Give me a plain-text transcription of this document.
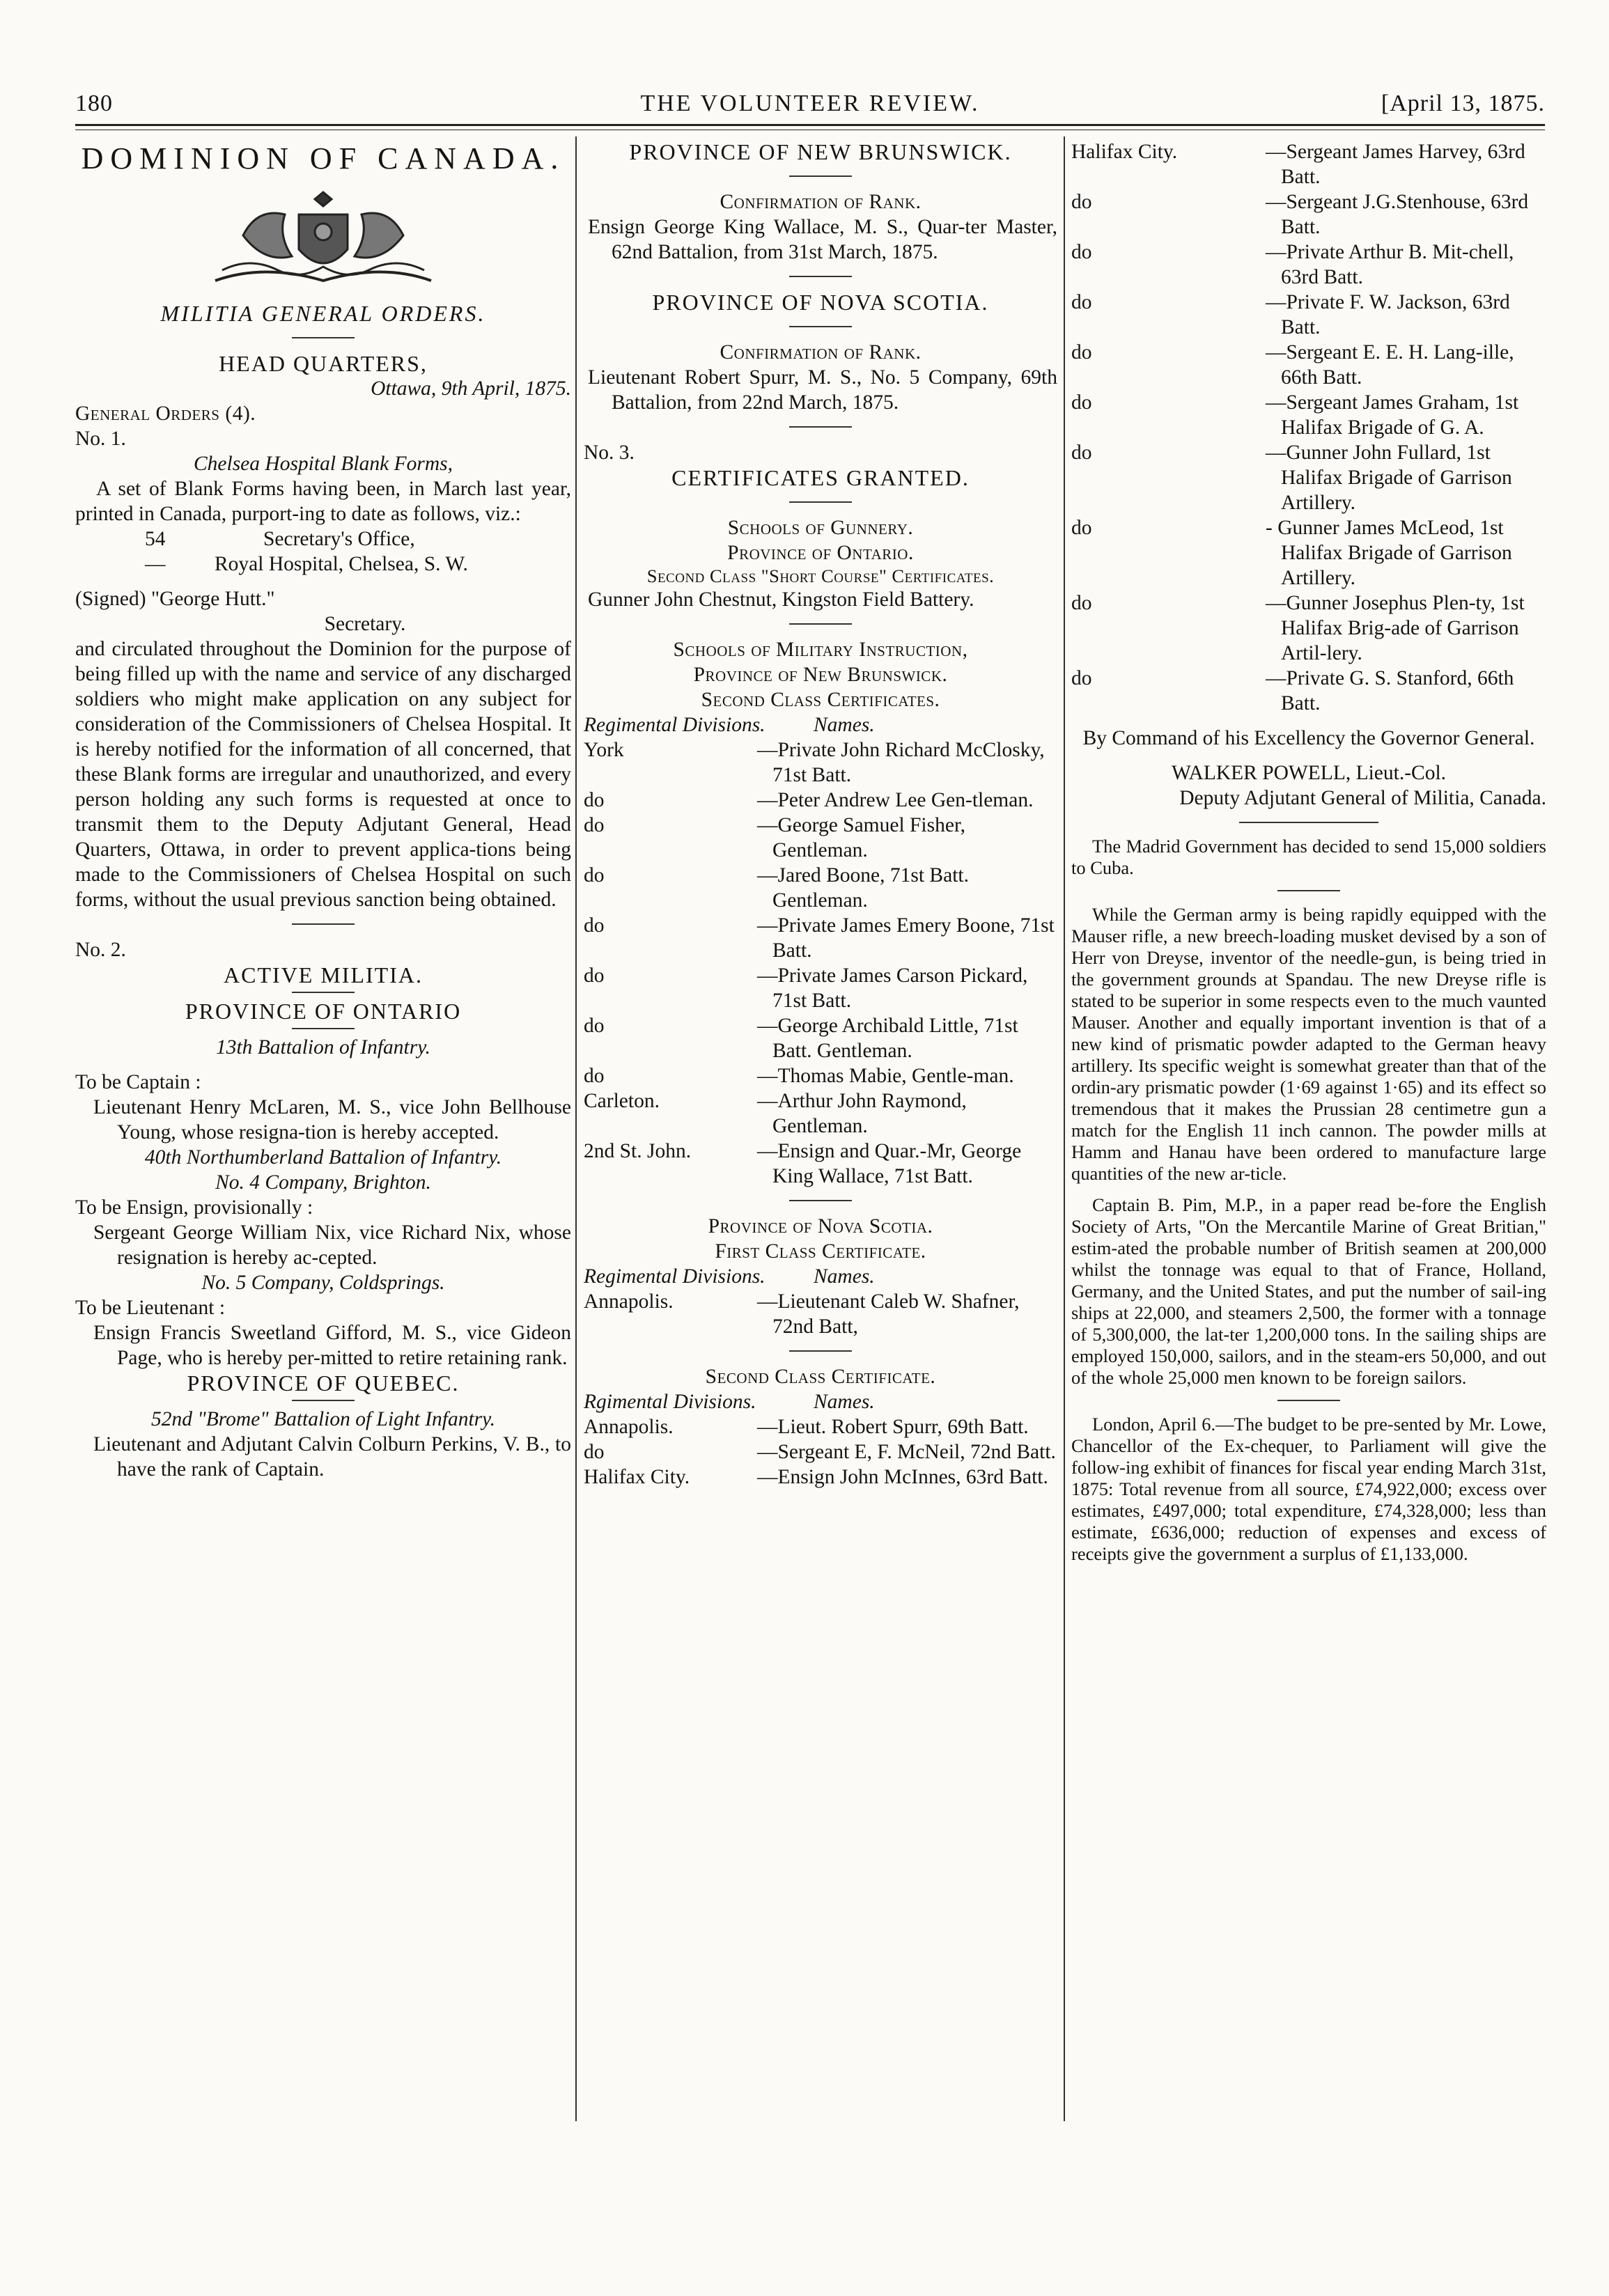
180	THE VOLUNTEER REVIEW.	[April 13, 1875.
DOMINION OF CANADA.
MILITIA GENERAL ORDERS.
HEAD QUARTERS,
Ottawa, 9th April, 1875.
General Orders (4).
No. 1.
Chelsea Hospital Blank Forms,
A set of Blank Forms having been, in March last year, printed in Canada, purport-ing to date as follows, viz.:
54	Secretary's Office,
—	Royal Hospital, Chelsea, S. W.
(Signed) "George Hutt."
Secretary.
and circulated throughout the Dominion for the purpose of being filled up with the name and service of any discharged soldiers who might make application on any subject for consideration of the Commissioners of Chelsea Hospital. It is hereby notified for the information of all concerned, that these Blank forms are irregular and unauthorized, and every person holding any such forms is requested at once to transmit them to the Deputy Adjutant General, Head Quarters, Ottawa, in order to prevent applica-tions being made to the Commissioners of Chelsea Hospital on such forms, without the usual previous sanction being obtained.
No. 2.
ACTIVE MILITIA.
PROVINCE OF ONTARIO
13th Battalion of Infantry.
To be Captain :
Lieutenant Henry McLaren, M. S., vice John Bellhouse Young, whose resigna-tion is hereby accepted.
40th Northumberland Battalion of Infantry.
No. 4 Company, Brighton.
To be Ensign, provisionally :
Sergeant George William Nix, vice Richard Nix, whose resignation is hereby ac-cepted.
No. 5 Company, Coldsprings.
To be Lieutenant :
Ensign Francis Sweetland Gifford, M. S., vice Gideon Page, who is hereby per-mitted to retire retaining rank.
PROVINCE OF QUEBEC.
52nd "Brome" Battalion of Light Infantry.
Lieutenant and Adjutant Calvin Colburn Perkins, V. B., to have the rank of Captain.
PROVINCE OF NEW BRUNSWICK.
Confirmation of Rank.
Ensign George King Wallace, M. S., Quar-ter Master, 62nd Battalion, from 31st March, 1875.
PROVINCE OF NOVA SCOTIA.
Confirmation of Rank.
Lieutenant Robert Spurr, M. S., No. 5 Company, 69th Battalion, from 22nd March, 1875.
No. 3.
CERTIFICATES GRANTED.
Schools of Gunnery.
Province of Ontario.
Second Class "Short Course" Certificates.
Gunner John Chestnut, Kingston Field Battery.
Schools of Military Instruction,
Province of New Brunswick.
Second Class Certificates.
Regimental Divisions.	Names.
York	—Private John Richard McClosky, 71st Batt.
do	—Peter Andrew Lee Gen-tleman.
do	—George Samuel Fisher, Gentleman.
do	—Jared Boone, 71st Batt. Gentleman.
do	—Private James Emery Boone, 71st Batt.
do	—Private James Carson Pickard, 71st Batt.
do	—George Archibald Little, 71st Batt. Gentleman.
do	—Thomas Mabie, Gentle-man.
Carleton.	—Arthur John Raymond, Gentleman.
2nd St. John.	—Ensign and Quar.-Mr, George King Wallace, 71st Batt.
Province of Nova Scotia.
First Class Certificate.
Regimental Divisions.	Names.
Annapolis.	—Lieutenant Caleb W. Shafner, 72nd Batt,
Second Class Certificate.
Rgimental Divisions.	Names.
Annapolis.	—Lieut. Robert Spurr, 69th Batt.
do	—Sergeant E, F. McNeil, 72nd Batt.
Halifax City.	—Ensign John McInnes, 63rd Batt.
Halifax City.	—Sergeant James Harvey, 63rd Batt.
do	—Sergeant J.G.Stenhouse, 63rd Batt.
do	—Private Arthur B. Mit-chell, 63rd Batt.
do	—Private F. W. Jackson, 63rd Batt.
do	—Sergeant E. E. H. Lang-ille, 66th Batt.
do	—Sergeant James Graham, 1st Halifax Brigade of G. A.
do	—Gunner John Fullard, 1st Halifax Brigade of Garrison Artillery.
do	- Gunner James McLeod, 1st Halifax Brigade of Garrison Artillery.
do	—Gunner Josephus Plen-ty, 1st Halifax Brig-ade of Garrison Artil-lery.
do	—Private G. S. Stanford, 66th Batt.
By Command of his Excellency the Governor General.
WALKER POWELL, Lieut.-Col.
Deputy Adjutant General of Militia, Canada.
The Madrid Government has decided to send 15,000 soldiers to Cuba.
While the German army is being rapidly equipped with the Mauser rifle, a new breech-loading musket devised by a son of Herr von Dreyse, inventor of the needle-gun, is being tried in the government grounds at Spandau. The new Dreyse rifle is stated to be superior in some respects even to the much vaunted Mauser. Another and equally important invention is that of a new kind of prismatic powder adapted to the German heavy artillery. Its specific weight is somewhat greater than that of the ordin-ary prismatic powder (1·69 against 1·65) and its effect so tremendous that it makes the Prussian 28 centimetre gun a match for the English 11 inch cannon. The powder mills at Hamm and Hanau have been ordered to manufacture large quantities of the new ar-ticle.
Captain B. Pim, M.P., in a paper read be-fore the English Society of Arts, "On the Mercantile Marine of Great Britian," estim-ated the probable number of British seamen at 200,000 whilst the tonnage was equal to that of France, Holland, Germany, and the United States, and put the number of sail-ing ships at 22,000, and steamers 2,500, the former with a tonnage of 5,300,000, the lat-ter 1,200,000 tons. In the sailing ships are employed 150,000, sailors, and in the steam-ers 50,000, and out of the whole 25,000 men known to be foreign sailors.
London, April 6.—The budget to be pre-sented by Mr. Lowe, Chancellor of the Ex-chequer, to Parliament will give the follow-ing exhibit of finances for fiscal year ending March 31st, 1875: Total revenue from all source, £74,922,000; excess over estimates, £497,000; total expenditure, £74,328,000; less than estimate, £636,000; reduction of expenses and excess of receipts give the government a surplus of £1,133,000.
